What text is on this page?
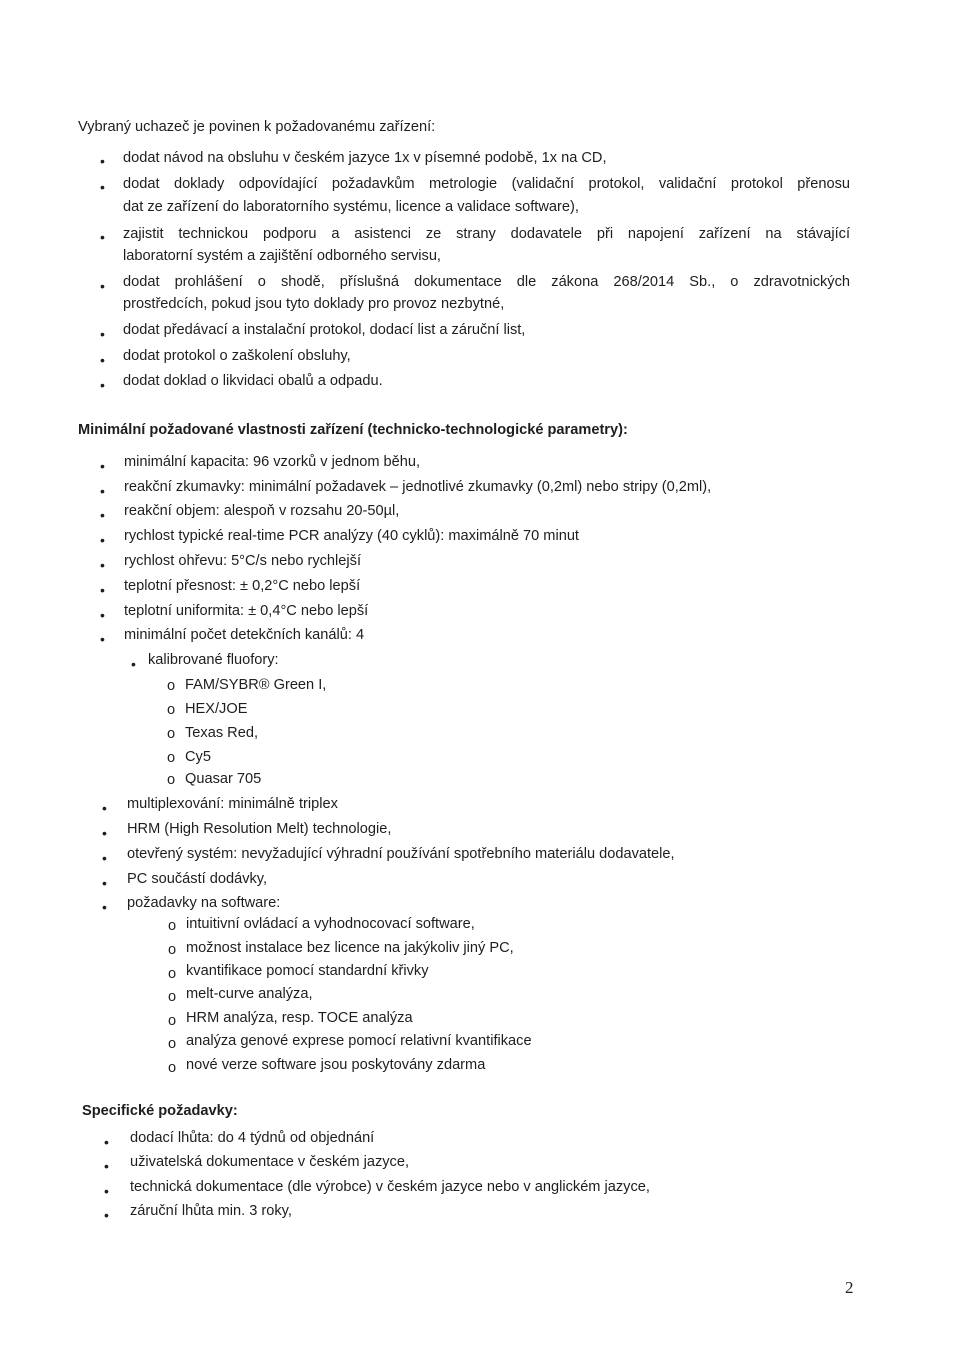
Vybraný uchazeč je povinen k požadovanému zařízení:
• dodat návod na obsluhu v českém jazyce 1x v písemné podobě, 1x na CD,
• dodat doklady odpovídající požadavkům metrologie (validační protokol, validační protokol přenosu
dat ze zařízení do laboratorního systému, licence a validace software),
• zajistit technickou podporu a asistenci ze strany dodavatele při napojení zařízení na stávající
laboratorní systém a zajištění odborného servisu,
• dodat prohlášení o shodě, příslušná dokumentace dle zákona 268/2014 Sb., o zdravotnických
prostředcích, pokud jsou tyto doklady pro provoz nezbytné,
• dodat předávací a instalační protokol, dodací list a záruční list,
• dodat protokol o zaškolení obsluhy,
• dodat doklad o likvidaci obalů a odpadu.
Minimální požadované vlastnosti zařízení (technicko-technologické parametry):
• minimální kapacita: 96 vzorků v jednom běhu,
• reakční zkumavky: minimální požadavek – jednotlivé zkumavky (0,2ml) nebo stripy (0,2ml),
• reakční objem: alespoň v rozsahu 20-50µl,
• rychlost typické real-time PCR analýzy (40 cyklů): maximálně 70 minut
• rychlost ohřevu: 5°C/s nebo rychlejší
• teplotní přesnost: ± 0,2°C nebo lepší
• teplotní uniformita: ± 0,4°C nebo lepší
• minimální počet detekčních kanálů: 4
• kalibrované fluofory:
o FAM/SYBR® Green I,
o HEX/JOE
o Texas Red,
o Cy5
o Quasar 705
• multiplexování: minimálně triplex
• HRM (High Resolution Melt) technologie,
• otevřený systém: nevyžadující výhradní používání spotřebního materiálu dodavatele,
• PC součástí dodávky,
• požadavky na software:
o intuitivní ovládací a vyhodnocovací software,
o možnost instalace bez licence na jakýkoliv jiný PC,
o kvantifikace pomocí standardní křivky
o melt-curve analýza,
o HRM analýza, resp. TOCE analýza
o analýza genové exprese pomocí relativní kvantifikace
o nové verze software jsou poskytovány zdarma
Specifické požadavky:
• dodací lhůta: do 4 týdnů od objednání
• uživatelská dokumentace v českém jazyce,
• technická dokumentace (dle výrobce) v českém jazyce nebo v anglickém jazyce,
• záruční lhůta min. 3 roky,
2
